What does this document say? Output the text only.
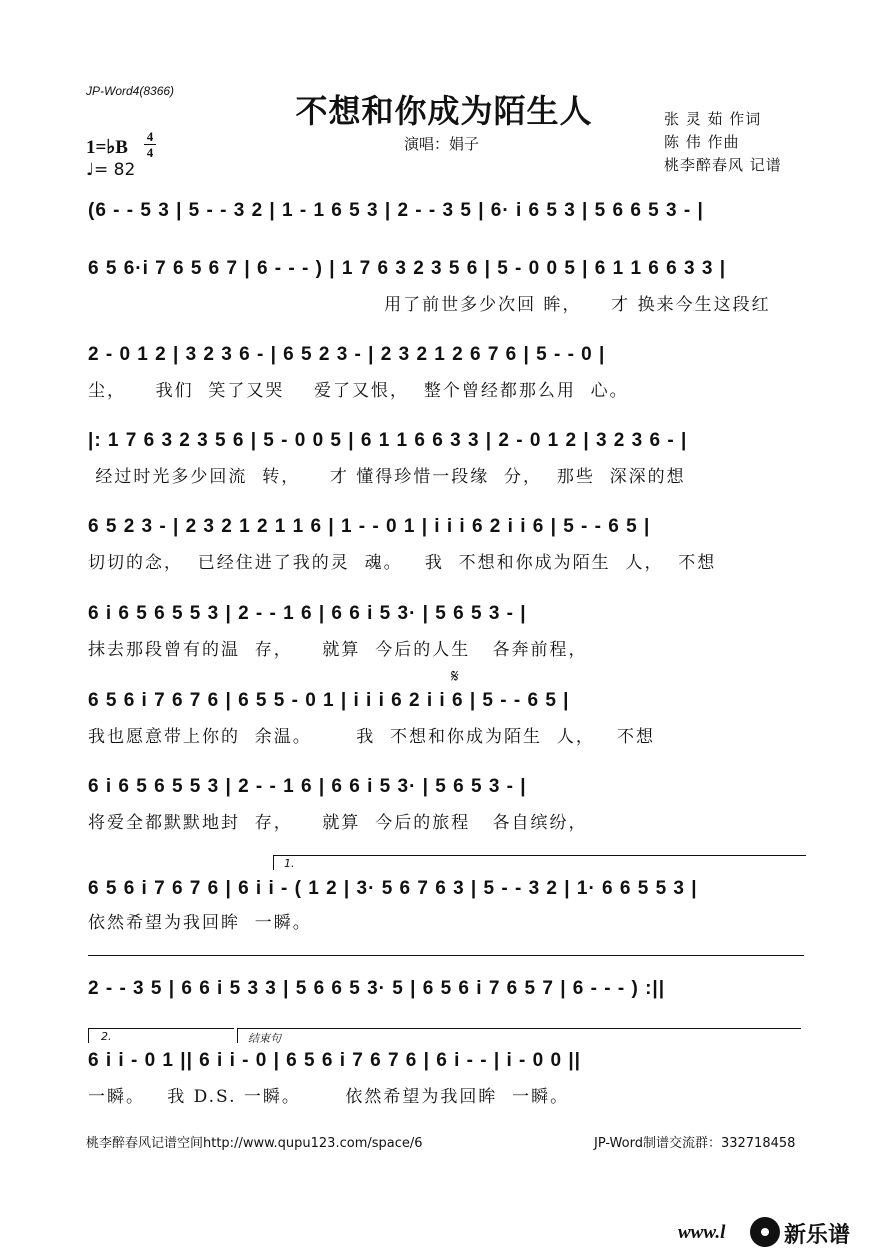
JP-Word4(8366)
不想和你成为陌生人
演唱：娟子
张 灵 茹 作词
陈 伟 作曲
桃李醉春风 记谱
1=♭B
4
4
♩= 82
(6 - - 5 3 | 5 - - 3 2 | 1 - 1 6 5 3 | 2 - - 3 5 | 6· i 6 5 3 | 5 6 6 5 3 - |
6 5 6·i 7 6 5 6 7 | 6 - - - ) | 1 7 6 3 2 3 5 6 | 5 - 0 0 5 | 6 1 1 6 6 3 3 |
用了前世多少次回 眸，    才 换来今生这段红
2 - 0 1 2 | 3 2 3 6 - | 6 5 2 3 - | 2 3 2 1 2 6 7 6 | 5 - - 0 |
尘，    我们  笑了又哭    爱了又恨，  整个曾经都那么用  心。
|: 1 7 6 3 2 3 5 6 | 5 - 0 0 5 | 6 1 1 6 6 3 3 | 2 - 0 1 2 | 3 2 3 6 - |
经过时光多少回流  转，    才 懂得珍惜一段缘  分，  那些  深深的想
6 5 2 3 - | 2 3 2 1 2 1 1 6 | 1 - - 0 1 | i i i 6 2 i i 6 | 5 - - 6 5 |
切切的念，  已经住进了我的灵  魂。   我  不想和你成为陌生  人，  不想
6 i 6 5 6 5 5 3 | 2 - - 1 6 | 6 6 i 5 3· | 5 6 5 3 - |
抹去那段曾有的温  存，    就算  今后的人生   各奔前程，
𝄋
6 5 6 i 7 6 7 6 | 6 5 5 - 0 1 | i i i 6 2 i i 6 | 5 - - 6 5 |
我也愿意带上你的  余温。      我  不想和你成为陌生  人，   不想
6 i 6 5 6 5 5 3 | 2 - - 1 6 | 6 6 i 5 3· | 5 6 5 3 - |
将爱全都默默地封  存，    就算  今后的旅程   各自缤纷，
1.
6 5 6 i 7 6 7 6 | 6 i i - ( 1 2 | 3· 5 6 7 6 3 | 5 - - 3 2 | 1· 6 6 5 5 3 |
依然希望为我回眸  一瞬。
2 - - 3 5 | 6 6 i 5 3 3 | 5 6 6 5 3· 5 | 6 5 6 i 7 6 5 7 | 6 - - - ) :||
2.	结束句
6 i i - 0 1 || 6 i i - 0 | 6 5 6 i 7 6 7 6 | 6 i - - | i - 0 0 ||
一瞬。   我 D.S. 一瞬。      依然希望为我回眸  一瞬。
桃李醉春风记谱空间http://www.qupu123.com/space/6	JP-Word制谱交流群：332718458
www.l	新乐谱
